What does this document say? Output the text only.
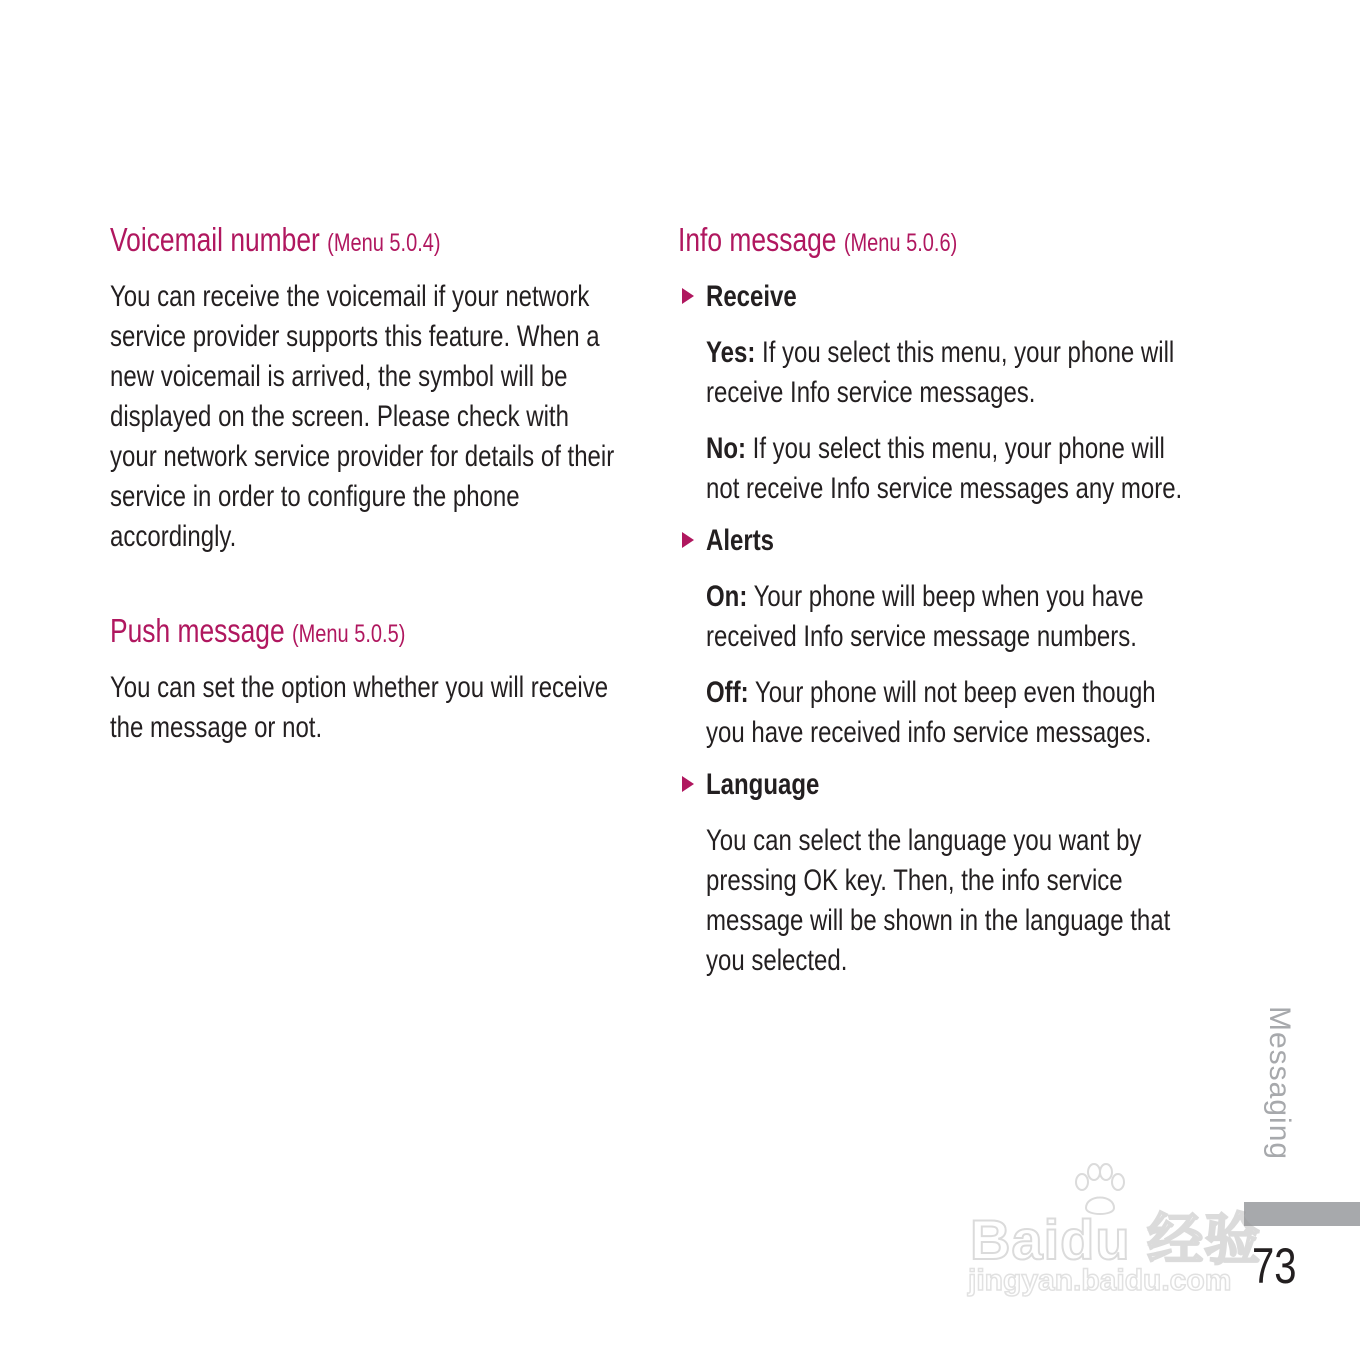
Voicemail number (Menu 5.0.4)

You can receive the voicemail if your network service provider supports this feature. When a new voicemail is arrived, the symbol will be displayed on the screen. Please check with your network service provider for details of their service in order to configure the phone accordingly.

Push message (Menu 5.0.5)

You can set the option whether you will receive the message or not.

Info message (Menu 5.0.6)
Receive

Yes: If you select this menu, your phone will receive Info service messages.

No: If you select this menu, your phone will not receive Info service messages any more.

Alerts

On: Your phone will beep when you have received Info service message numbers.

Off: Your phone will not beep even though you have received info service messages.

Language

You can select the language you want by pressing OK key. Then, the info service message will be shown in the language that you selected.

Messaging
73
Baidu 经验
jingyan.baidu.com
